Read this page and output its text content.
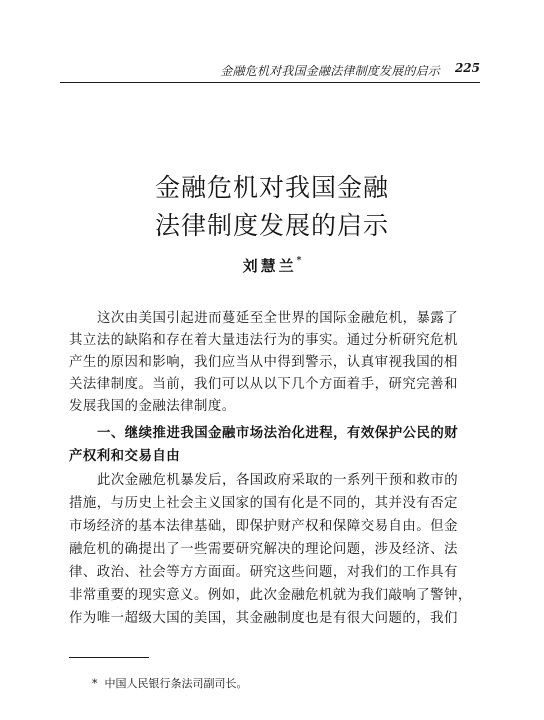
金融危机对我国金融法律制度发展的启示 225
金融危机对我国金融
法律制度发展的启示
刘慧兰*
这次由美国引起进而蔓延至全世界的国际金融危机，暴露了
其立法的缺陷和存在着大量违法行为的事实。通过分析研究危机
产生的原因和影响，我们应当从中得到警示，认真审视我国的相
关法律制度。当前，我们可以从以下几个方面着手，研究完善和
发展我国的金融法律制度。
一、继续推进我国金融市场法治化进程，有效保护公民的财
产权利和交易自由
此次金融危机暴发后，各国政府采取的一系列干预和救市的
措施，与历史上社会主义国家的国有化是不同的，其并没有否定
市场经济的基本法律基础，即保护财产权和保障交易自由。但金
融危机的确提出了一些需要研究解决的理论问题，涉及经济、法
律、政治、社会等方方面面。研究这些问题，对我们的工作具有
非常重要的现实意义。例如，此次金融危机就为我们敲响了警钟，
作为唯一超级大国的美国，其金融制度也是有很大问题的，我们
* 中国人民银行条法司副司长。
